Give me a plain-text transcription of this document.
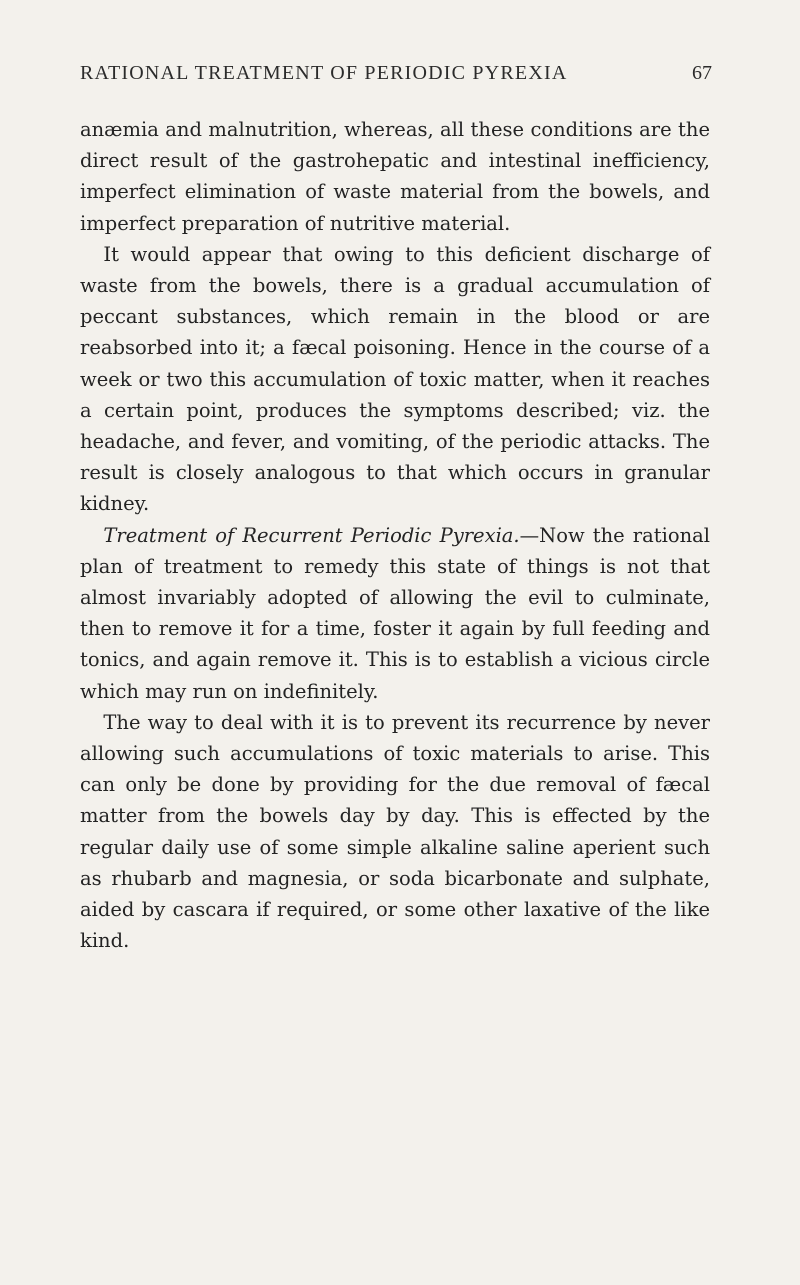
RATIONAL TREATMENT OF PERIODIC PYREXIA	67

anæmia and malnutrition, whereas, all these conditions are the direct result of the gastrohepatic and intestinal inefficiency, imperfect elimination of waste material from the bowels, and imperfect preparation of nutritive material.

It would appear that owing to this deficient discharge of waste from the bowels, there is a gradual accumulation of peccant substances, which remain in the blood or are reabsorbed into it; a fæcal poisoning. Hence in the course of a week or two this accumulation of toxic matter, when it reaches a certain point, produces the symptoms described; viz. the headache, and fever, and vomiting, of the periodic attacks. The result is closely analogous to that which occurs in granular kidney.

Treatment of Recurrent Periodic Pyrexia.—Now the rational plan of treatment to remedy this state of things is not that almost invariably adopted of allowing the evil to culminate, then to remove it for a time, foster it again by full feeding and tonics, and again remove it. This is to establish a vicious circle which may run on indefinitely.

The way to deal with it is to prevent its recurrence by never allowing such accumulations of toxic materials to arise. This can only be done by providing for the due removal of fæcal matter from the bowels day by day. This is effected by the regular daily use of some simple alkaline saline aperient such as rhubarb and magnesia, or soda bicarbonate and sulphate, aided by cascara if required, or some other laxative of the like kind.
